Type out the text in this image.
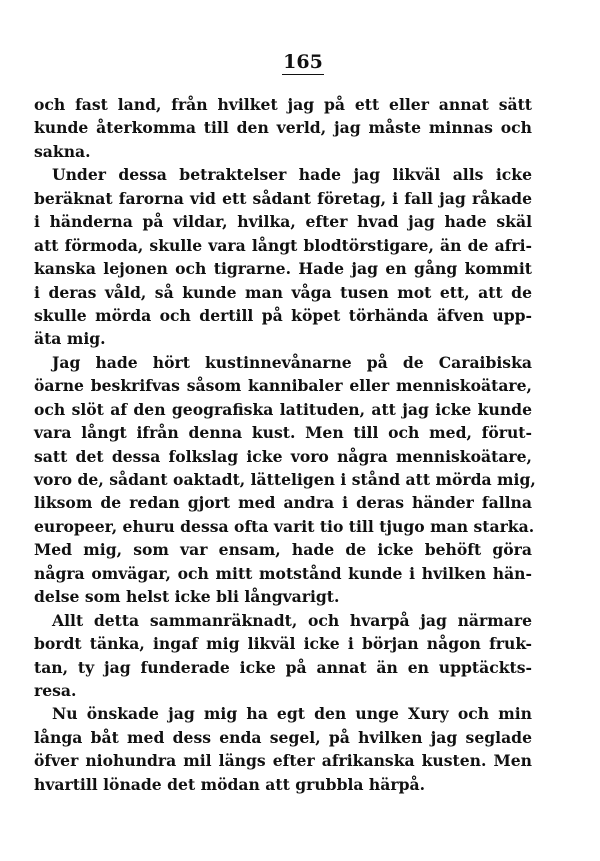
165

och fast land, från hvilket jag på ett eller annat sätt
kunde återkomma till den verld, jag måste minnas och
sakna.

Under dessa betraktelser hade jag likväl alls icke
beräknat farorna vid ett sådant företag, i fall jag råkade
i händerna på vildar, hvilka, efter hvad jag hade skäl
att förmoda, skulle vara långt blodtörstigare, än de afri-
kanska lejonen och tigrarne. Hade jag en gång kommit
i deras våld, så kunde man våga tusen mot ett, att de
skulle mörda och dertill på köpet törhända äfven upp-
äta mig.

Jag hade hört kustinnevånarne på de Caraibiska
öarne beskrifvas såsom kannibaler eller menniskoätare,
och slöt af den geografiska latituden, att jag icke kunde
vara långt ifrån denna kust. Men till och med, förut-
satt det dessa folkslag icke voro några menniskoätare,
voro de, sådant oaktadt, lätteligen i stånd att mörda mig,
liksom de redan gjort med andra i deras händer fallna
europeer, ehuru dessa ofta varit tio till tjugo man starka.
Med mig, som var ensam, hade de icke behöft göra
några omvägar, och mitt motstånd kunde i hvilken hän-
delse som helst icke bli långvarigt.

Allt detta sammanräknadt, och hvarpå jag närmare
bordt tänka, ingaf mig likväl icke i början någon fruk-
tan, ty jag funderade icke på annat än en upptäckts-
resa.

Nu önskade jag mig ha egt den unge Xury och min
långa båt med dess enda segel, på hvilken jag seglade
öfver niohundra mil längs efter afrikanska kusten. Men
hvartill lönade det mödan att grubbla härpå.
